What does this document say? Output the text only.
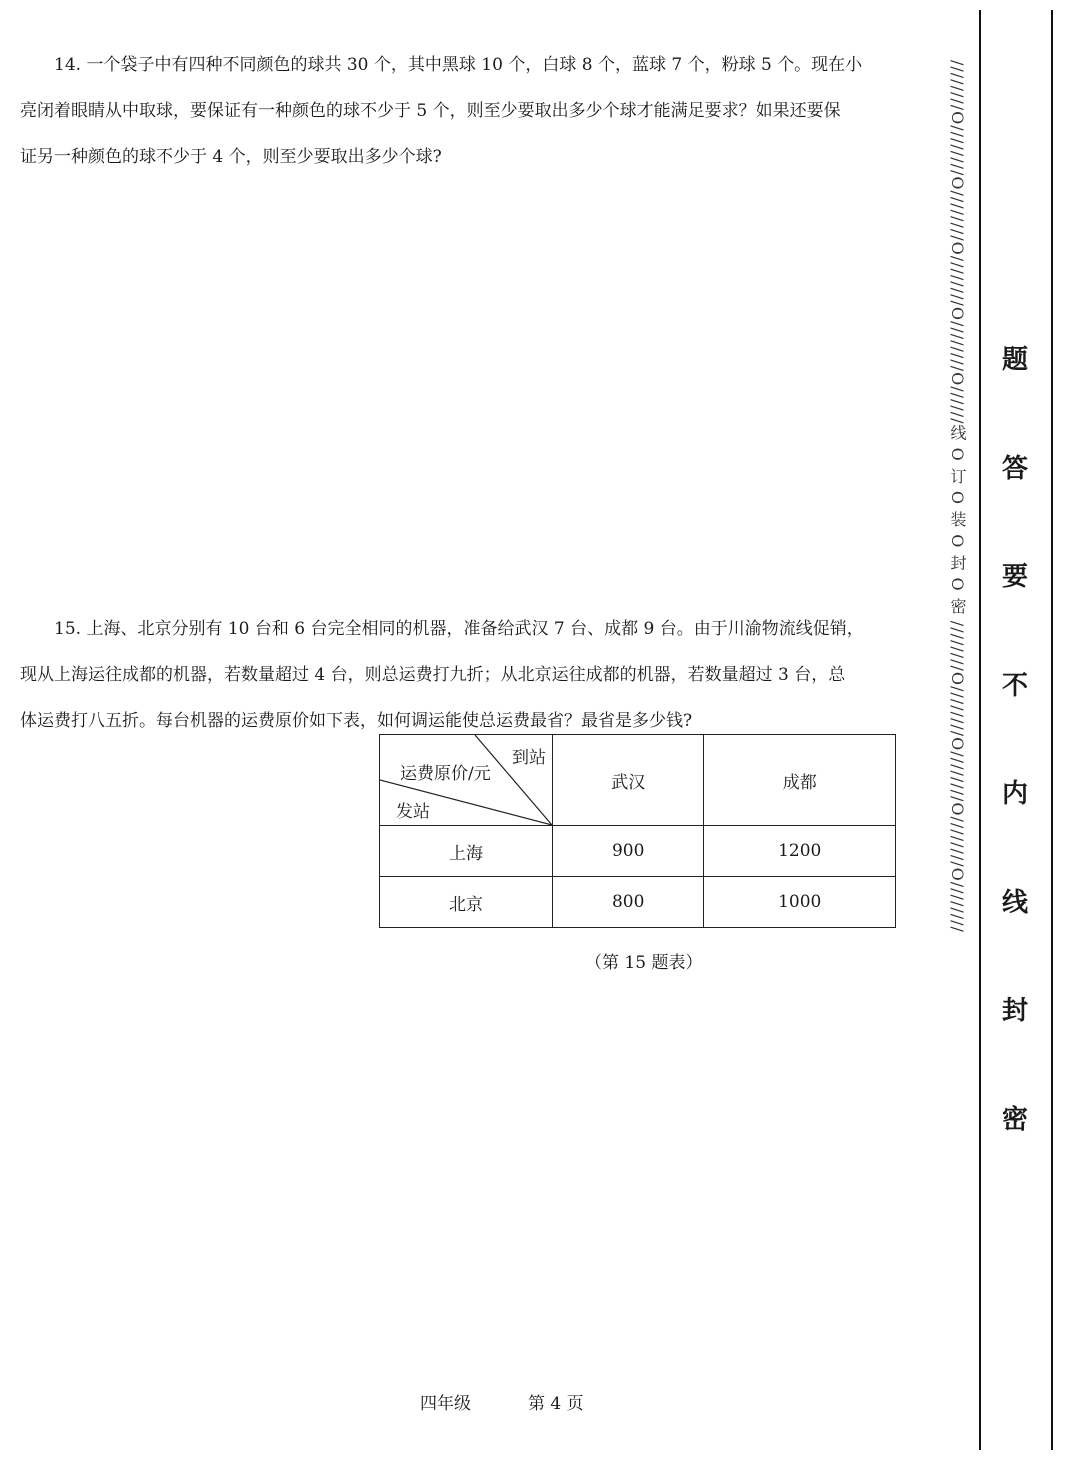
14. 一个袋子中有四种不同颜色的球共 30 个，其中黑球 10 个，白球 8 个，蓝球 7 个，粉球 5 个。现在小
亮闭着眼睛从中取球，要保证有一种颜色的球不少于 5 个，则至少要取出多少个球才能满足要求？如果还要保
证另一种颜色的球不少于 4 个，则至少要取出多少个球?

15. 上海、北京分别有 10 台和 6 台完全相同的机器，准备给武汉 7 台、成都 9 台。由于川渝物流线促销，
现从上海运往成都的机器，若数量超过 4 台，则总运费打九折；从北京运往成都的机器，若数量超过 3 台，总
体运费打八五折。每台机器的运费原价如下表，如何调运能使总运费最省？最省是多少钱?

到站
运费原价/元
发站	武汉	成都
上海	900	1200
北京	800	1000
（第 15 题表）
四年级	第 4 页
////////O////////O////////O////////O////////O//////线 O 订 O 装 O 封 O 密 ////////O////////O////////O////////O//////// 题
答
要
不
内
线
封
密
